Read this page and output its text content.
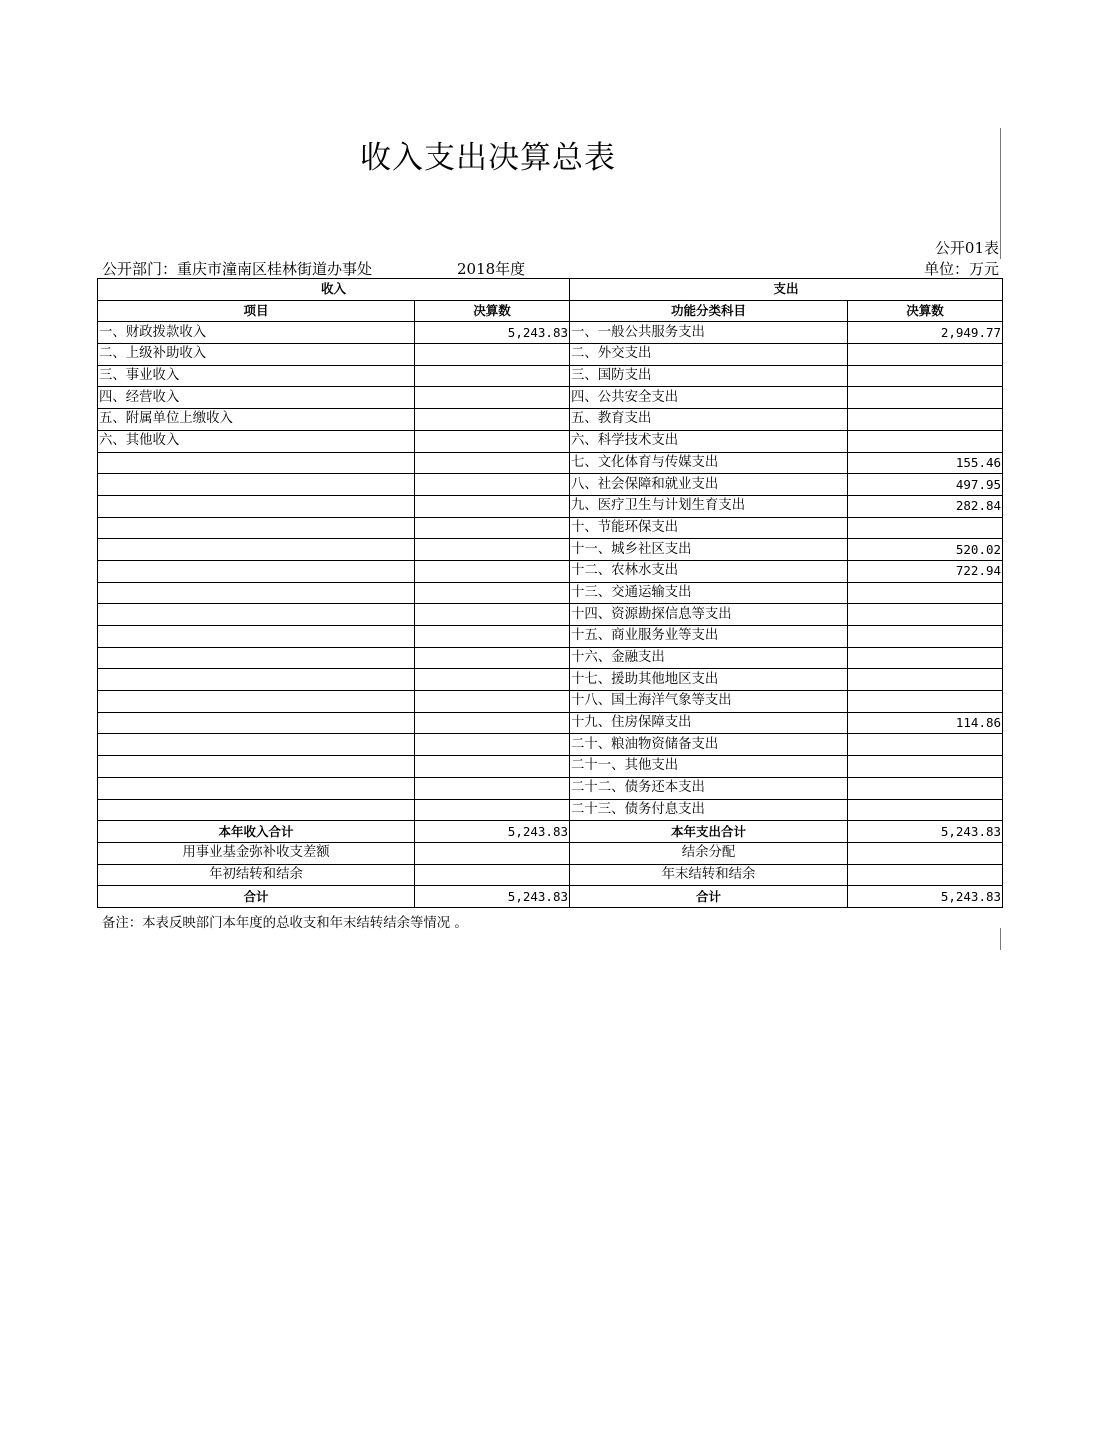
收入支出决算总表
公开01表
公开部门：重庆市潼南区桂林街道办事处	2018年度	单位：万元
收入		支出	
项目	决算数	功能分类科目	决算数
一、财政拨款收入	5,243.83	一、一般公共服务支出	2,949.77
二、上级补助收入		二、外交支出	
三、事业收入		三、国防支出	
四、经营收入		四、公共安全支出	
五、附属单位上缴收入		五、教育支出	
六、其他收入		六、科学技术支出	
		七、文化体育与传媒支出	155.46
		八、社会保障和就业支出	497.95
		九、医疗卫生与计划生育支出	282.84
		十、节能环保支出	
		十一、城乡社区支出	520.02
		十二、农林水支出	722.94
		十三、交通运输支出	
		十四、资源勘探信息等支出	
		十五、商业服务业等支出	
		十六、金融支出	
		十七、援助其他地区支出	
		十八、国土海洋气象等支出	
		十九、住房保障支出	114.86
		二十、粮油物资储备支出	
		二十一、其他支出	
		二十二、债务还本支出	
		二十三、债务付息支出	
本年收入合计	5,243.83	本年支出合计	5,243.83
用事业基金弥补收支差额		结余分配	
年初结转和结余		年末结转和结余	
合计	5,243.83	合计	5,243.83
备注：本表反映部门本年度的总收支和年末结转结余等情况 。
